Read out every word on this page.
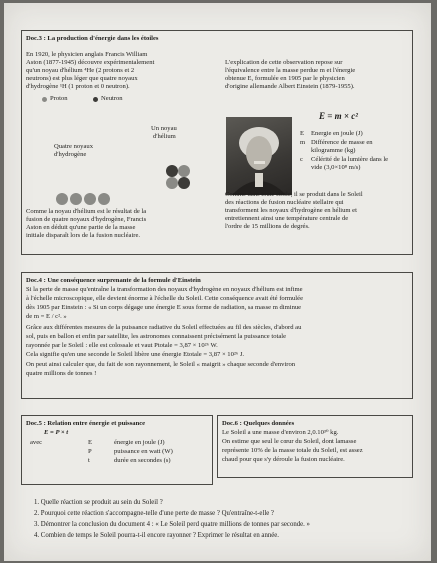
Doc.3 : La production d'énergie dans les étoiles
En 1920, le physicien anglais Francis William
Aston (1877-1945) découvre expérimentalement
qu'un noyau d'hélium ⁴He (2 protons et 2
neutrons) est plus léger que quatre noyaux
d'hydrogène ¹H (1 proton et 0 neutron).
L'explication de cette observation repose sur
l'équivalence entre la masse perdue m et l'énergie
obtenue E, formulée en 1905 par le physicien
d'origine allemande Albert Einstein (1879-1955).
Proton	Neutron
Un noyau
d'hélium
Quatre noyaux
d'hydrogène
E = m × c²
E Energie en joule (J)
m Différence de masse en
kilogramme (kg)
c Célérité de la lumière dans le
vide (3,0×10⁸ m/s)
Comme la noyau d'hélium est le résultat de la
fusion de quatre noyaux d'hydrogène, Francis
Aston en déduit qu'une partie de la masse
initiale disparaît lors de la fusion nucléaire.
Comme dans toute étoile, il se produit dans le Soleil
des réactions de fusion nucléaire stellaire qui
transforment les noyaux d'hydrogène en hélium et
entretiennent ainsi une température centrale de
l'ordre de 15 millions de degrés.
Doc.4 : Une conséquence surprenante de la formule d'Einstein
Si la perte de masse qu'entraîne la transformation des noyaux d'hydrogène en noyaux d'hélium est infime
à l'échelle microscopique, elle devient énorme à l'échelle du Soleil. Cette conséquence avait été formulée
dès 1905 par Einstein : « Si un corps dégage une énergie E sous forme de radiation, sa masse m diminue
de m = E / c². »
Grâce aux différentes mesures de la puissance radiative du Soleil effectuées au fil des siècles, d'abord au
sol, puis en ballon et enfin par satellite, les astronomes connaissent précisément la puissance totale
rayonnée par le Soleil : elle est colossale et vaut Ptotale = 3,87 × 10²⁶ W.
Cela signifie qu'en une seconde le Soleil libère une énergie Etotale = 3,87 × 10²⁶ J.
On peut ainsi calculer que, du fait de son rayonnement, le Soleil « maigrit » chaque seconde d'environ
quatre millions de tonnes !
Doc.5 : Relation entre énergie et puissance
E = P × t
avec	E	énergie en joule (J)
P	puissance en watt (W)
t	durée en secondes (s)
Doc.6 : Quelques données
Le Soleil a une masse d'environ 2,0.10³⁰ kg.
On estime que seul le cœur du Soleil, dont lamasse
représente 10% de la masse totale du Soleil, est assez
chaud pour que s'y déroule la fusion nucléaire.
1. Quelle réaction se produit au sein du Soleil ?
2. Pourquoi cette réaction s'accompagne-telle d'une perte de masse ? Qu'entraîne-t-elle ?
3. Démontrer la conclusion du document 4 : « Le Soleil perd quatre millions de tonnes par seconde. »
4. Combien de temps le Soleil pourra-t-il encore rayonner ? Exprimer le résultat en année.
